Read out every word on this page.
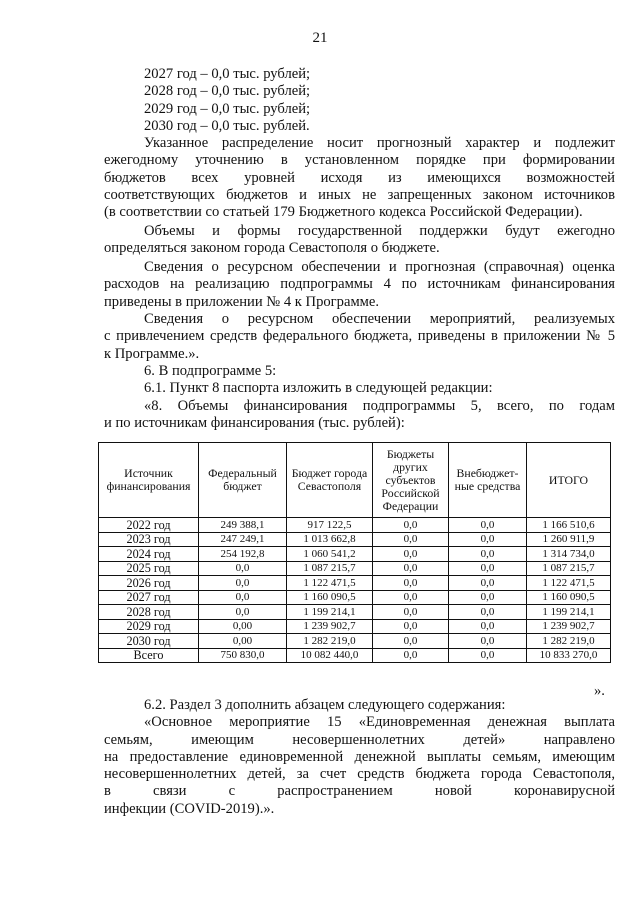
21
2027 год – 0,0 тыс. рублей;
2028 год – 0,0 тыс. рублей;
2029 год – 0,0 тыс. рублей;
2030 год – 0,0 тыс. рублей.
Указанное распределение носит прогнозный характер и подлежит
ежегодному уточнению в установленном порядке при формировании
бюджетов всех уровней исходя из имеющихся возможностей
соответствующих бюджетов и иных не запрещенных законом источников
(в соответствии со статьей 179 Бюджетного кодекса Российской Федерации).
Объемы и формы государственной поддержки будут ежегодно
определяться законом города Севастополя о бюджете.
Сведения о ресурсном обеспечении и прогнозная (справочная) оценка
расходов на реализацию подпрограммы 4 по источникам финансирования
приведены в приложении № 4 к Программе.
Сведения о ресурсном обеспечении мероприятий, реализуемых
с привлечением средств федерального бюджета, приведены в приложении № 5
к Программе.».
6. В подпрограмме 5:
6.1. Пункт 8 паспорта изложить в следующей редакции:
«8. Объемы финансирования подпрограммы 5, всего, по годам
и по источникам финансирования (тыс. рублей):
Источник финансирования	Федеральный бюджет	Бюджет города Севастополя	Бюджеты других субъектов Российской Федерации	Внебюджет-ные средства	ИТОГО
2022 год	249 388,1	917 122,5	0,0	0,0	1 166 510,6
2023 год	247 249,1	1 013 662,8	0,0	0,0	1 260 911,9
2024 год	254 192,8	1 060 541,2	0,0	0,0	1 314 734,0
2025 год	0,0	1 087 215,7	0,0	0,0	1 087 215,7
2026 год	0,0	1 122 471,5	0,0	0,0	1 122 471,5
2027 год	0,0	1 160 090,5	0,0	0,0	1 160 090,5
2028 год	0,0	1 199 214,1	0,0	0,0	1 199 214,1
2029 год	0,00	1 239 902,7	0,0	0,0	1 239 902,7
2030 год	0,00	1 282 219,0	0,0	0,0	1 282 219,0
Всего	750 830,0	10 082 440,0	0,0	0,0	10 833 270,0
».
6.2. Раздел 3 дополнить абзацем следующего содержания:
«Основное мероприятие 15 «Единовременная денежная выплата
семьям, имеющим несовершеннолетних детей» направлено
на предоставление единовременной денежной выплаты семьям, имеющим
несовершеннолетних детей, за счет средств бюджета города Севастополя,
в связи с распространением новой коронавирусной
инфекции (COVID-2019).».
